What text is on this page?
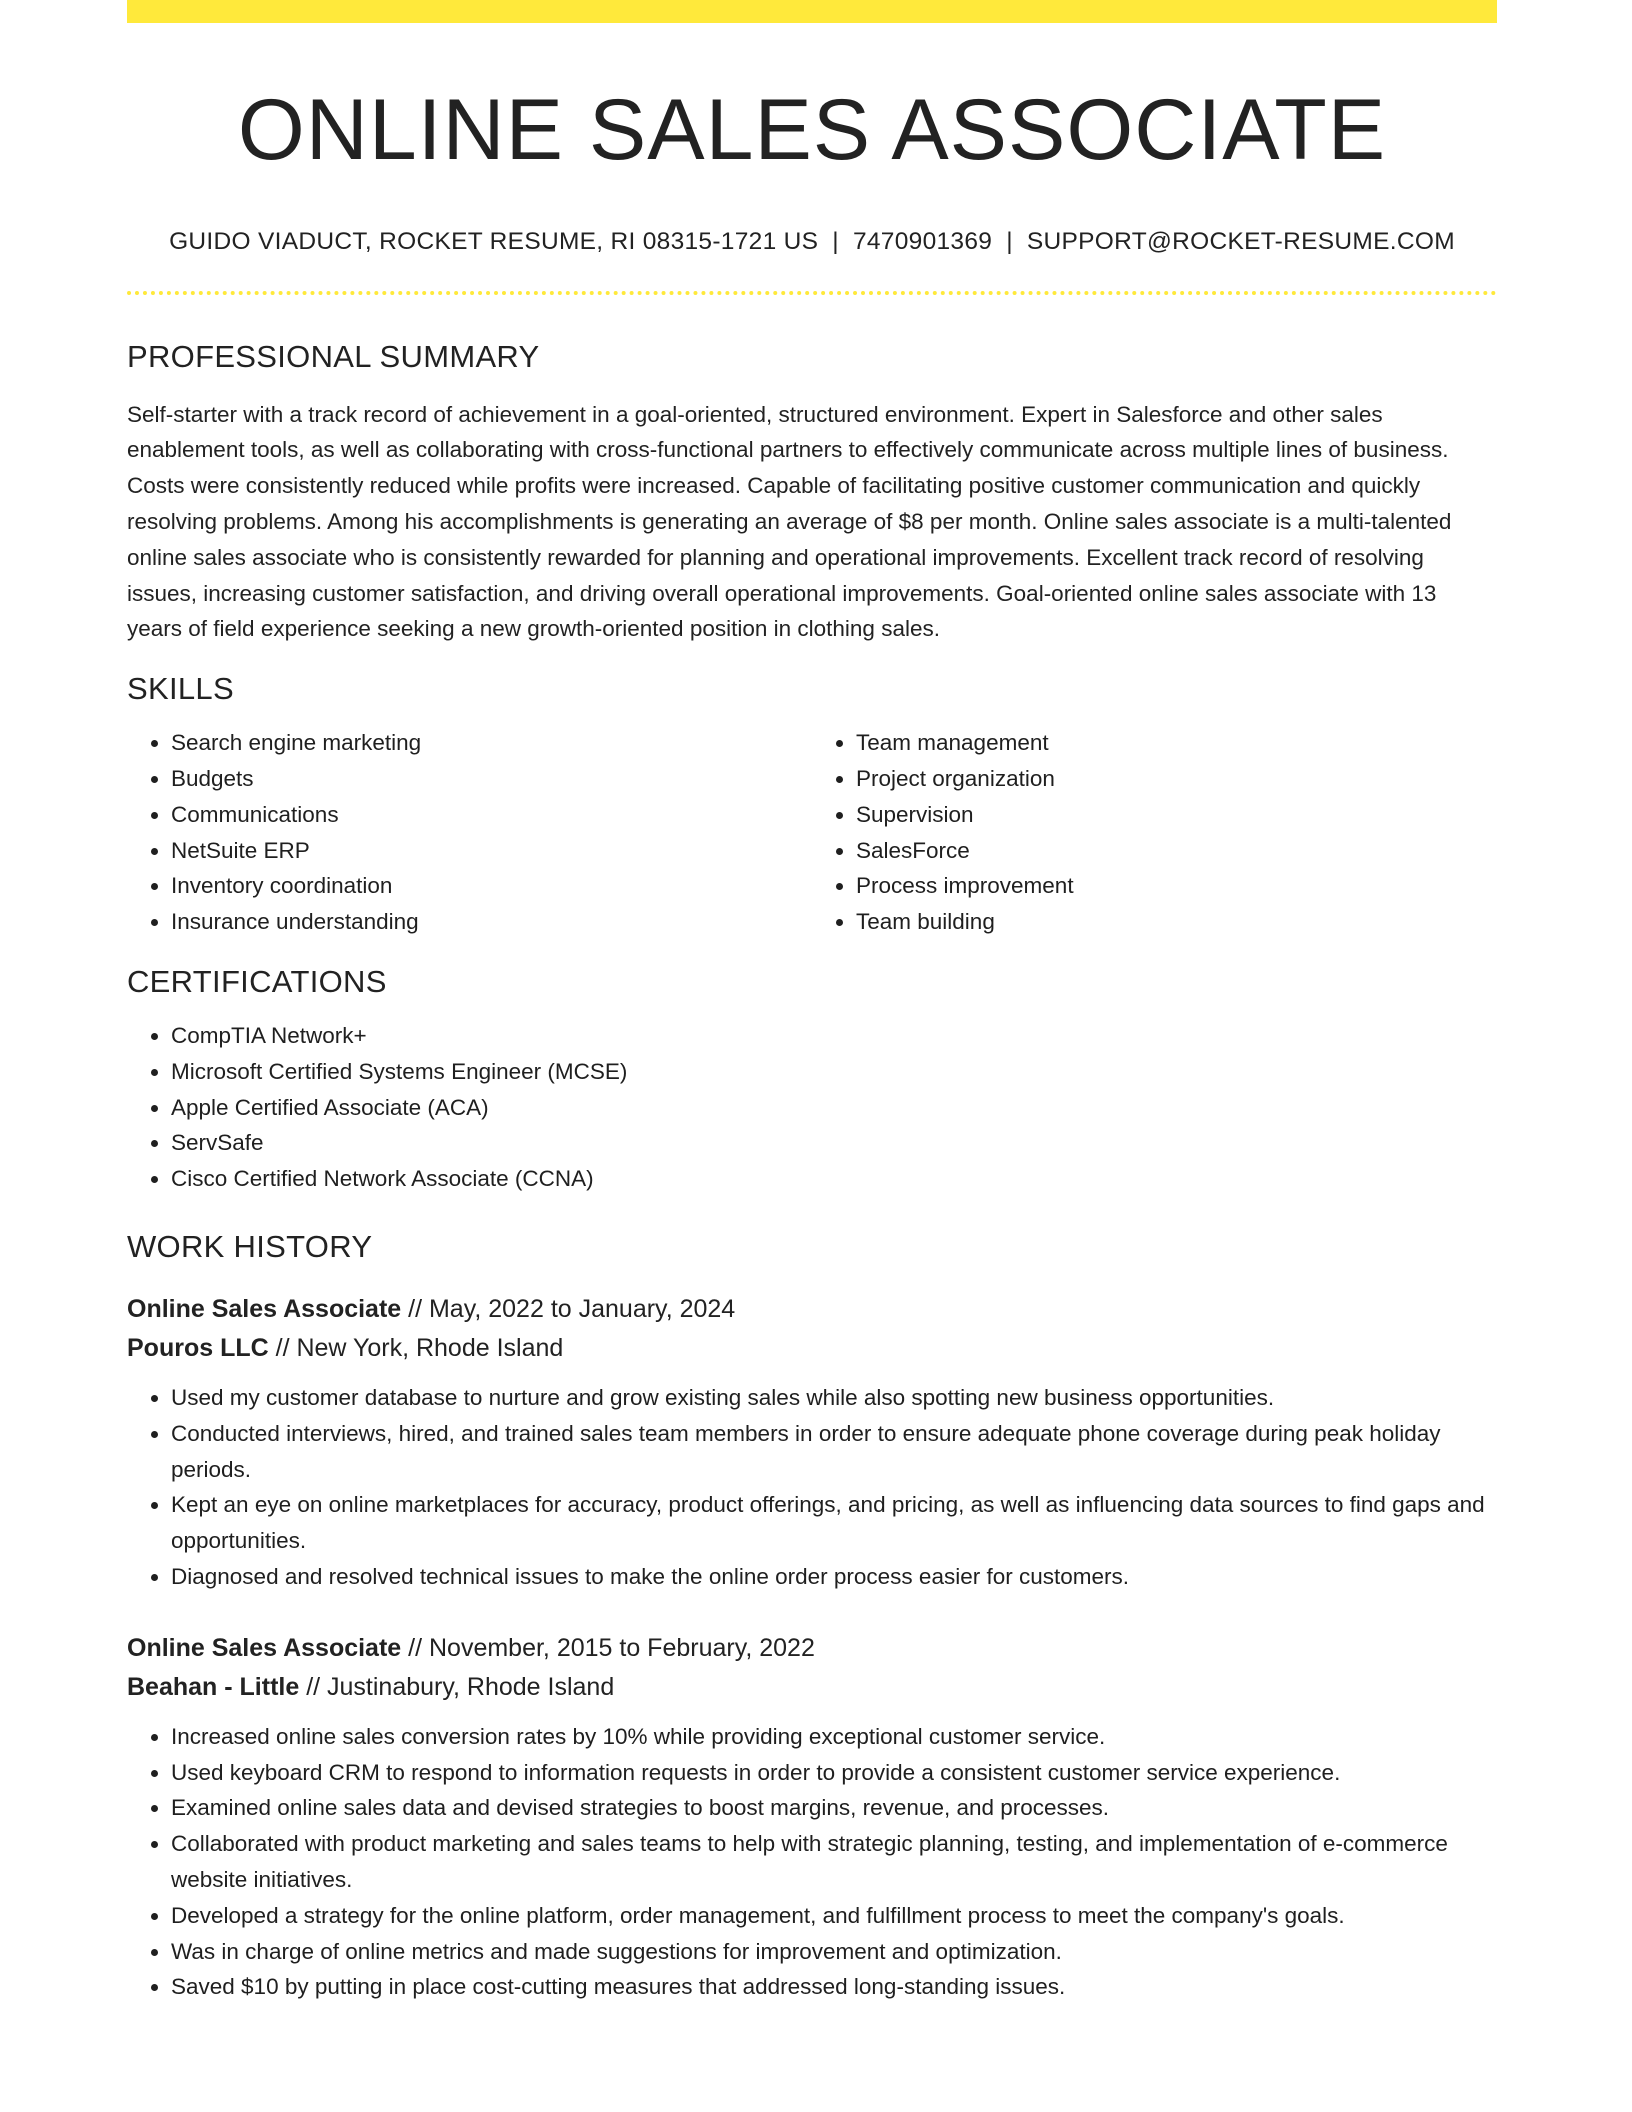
ONLINE SALES ASSOCIATE
GUIDO VIADUCT, ROCKET RESUME, RI 08315-1721 US | 7470901369 | SUPPORT@ROCKET-RESUME.COM
PROFESSIONAL SUMMARY

Self-starter with a track record of achievement in a goal-oriented, structured environment. Expert in Salesforce and other sales enablement tools, as well as collaborating with cross-functional partners to effectively communicate across multiple lines of business. Costs were consistently reduced while profits were increased. Capable of facilitating positive customer communication and quickly resolving problems. Among his accomplishments is generating an average of $8 per month. Online sales associate is a multi-talented online sales associate who is consistently rewarded for planning and operational improvements. Excellent track record of resolving issues, increasing customer satisfaction, and driving overall operational improvements. Goal-oriented online sales associate with 13 years of field experience seeking a new growth-oriented position in clothing sales.

SKILLS
• Search engine marketing
• Budgets
• Communications
• NetSuite ERP
• Inventory coordination
• Insurance understanding
• Team management
• Project organization
• Supervision
• SalesForce
• Process improvement
• Team building
CERTIFICATIONS
• CompTIA Network+
• Microsoft Certified Systems Engineer (MCSE)
• Apple Certified Associate (ACA)
• ServSafe
• Cisco Certified Network Associate (CCNA)
WORK HISTORY
Online Sales Associate // May, 2022 to January, 2024
Pouros LLC // New York, Rhode Island
• Used my customer database to nurture and grow existing sales while also spotting new business opportunities.
• Conducted interviews, hired, and trained sales team members in order to ensure adequate phone coverage during peak holiday periods.
• Kept an eye on online marketplaces for accuracy, product offerings, and pricing, as well as influencing data sources to find gaps and opportunities.
• Diagnosed and resolved technical issues to make the online order process easier for customers.
Online Sales Associate // November, 2015 to February, 2022
Beahan - Little // Justinabury, Rhode Island
• Increased online sales conversion rates by 10% while providing exceptional customer service.
• Used keyboard CRM to respond to information requests in order to provide a consistent customer service experience.
• Examined online sales data and devised strategies to boost margins, revenue, and processes.
• Collaborated with product marketing and sales teams to help with strategic planning, testing, and implementation of e-commerce website initiatives.
• Developed a strategy for the online platform, order management, and fulfillment process to meet the company's goals.
• Was in charge of online metrics and made suggestions for improvement and optimization.
• Saved $10 by putting in place cost-cutting measures that addressed long-standing issues.
